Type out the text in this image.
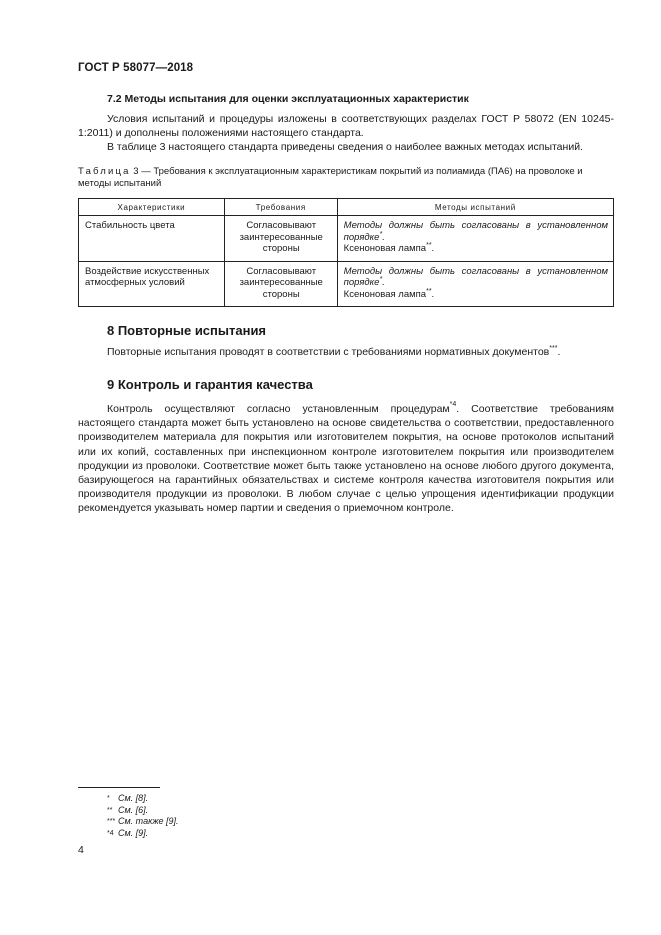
ГОСТ Р 58077—2018
7.2 Методы испытания для оценки эксплуатационных характеристик
Условия испытаний и процедуры изложены в соответствующих разделах ГОСТ Р 58072 (EN 10245-1:2011) и дополнены положениями настоящего стандарта.
В таблице 3 настоящего стандарта приведены сведения о наиболее важных методах испытаний.
Таблица 3 — Требования к эксплуатационным характеристикам покрытий из полиамида (ПА6) на проволоке и методы испытаний
Характеристики	Требования	Методы испытаний
Стабильность цвета	Согласовывают заинтересованные стороны	Методы должны быть согласованы в установленном порядке*.
Ксеноновая лампа**.
Воздействие искусственных атмосферных условий	Согласовывают заинтересованные стороны	Методы должны быть согласованы в установленном порядке*.
Ксеноновая лампа**.
8 Повторные испытания
Повторные испытания проводят в соответствии с требованиями нормативных документов***.
9 Контроль и гарантия качества
Контроль осуществляют согласно установленным процедурам$^{*4}$. Соответствие требованиям настоящего стандарта может быть установлено на основе свидетельства о соответствии, предоставленного производителем материала для покрытия или изготовителем покрытия, на основе протоколов испытаний или их копий, составленных при инспекционном контроле изготовителем покрытия или производителем продукции из проволоки. Соответствие может быть также установлено на основе любого другого документа, базирующегося на гарантийных обязательствах и системе контроля качества изготовителя покрытия или производителя продукции из проволоки. В любом случае с целью упрощения идентификации продукции рекомендуется указывать номер партии и сведения о приемочном контроле.
* См. [8].
** См. [6].
*** См. также [9].
*4 См. [9].
4
